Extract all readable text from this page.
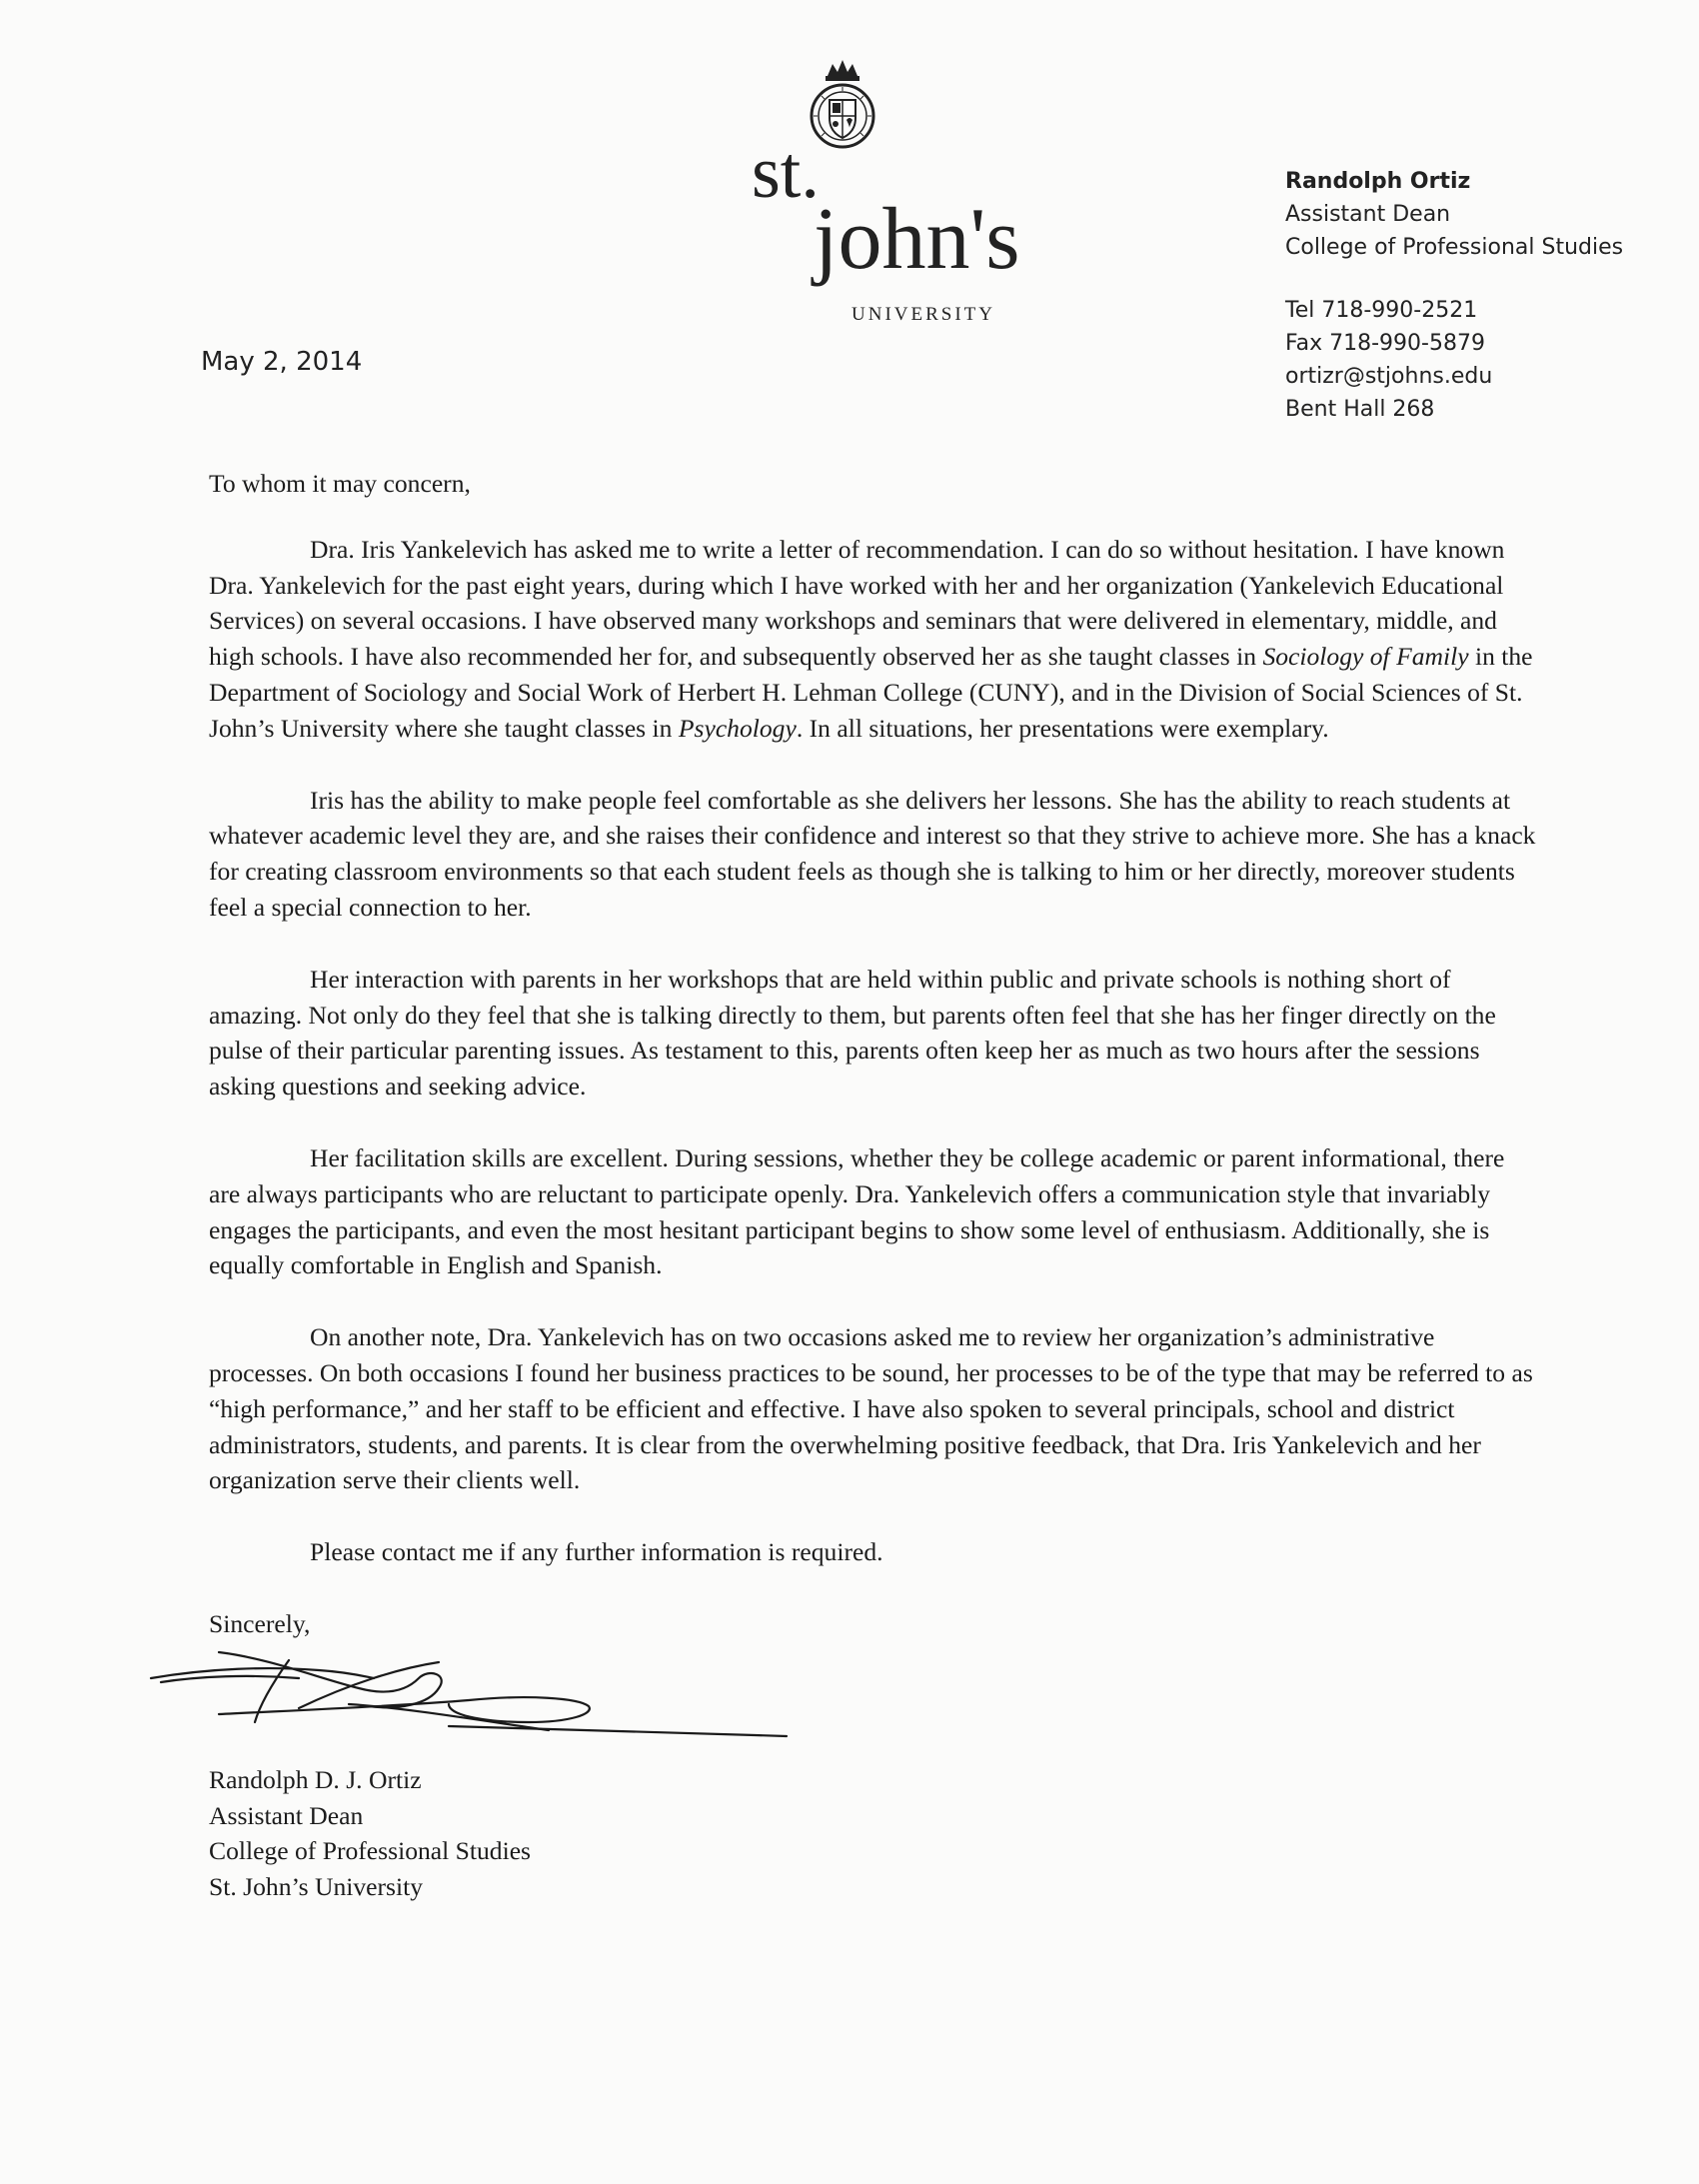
st.
john's
UNIVERSITY
Randolph Ortiz
Assistant Dean
College of Professional Studies
Tel 718-990-2521
Fax 718-990-5879
ortizr@stjohns.edu
Bent Hall 268
May 2, 2014

To whom it may concern,

Dra. Iris Yankelevich has asked me to write a letter of recommendation. I can do so without hesitation. I have known Dra. Yankelevich for the past eight years, during which I have worked with her and her organization (Yankelevich Educational Services) on several occasions. I have observed many workshops and seminars that were delivered in elementary, middle, and high schools. I have also recommended her for, and subsequently observed her as she taught classes in Sociology of Family in the Department of Sociology and Social Work of Herbert H. Lehman College (CUNY), and in the Division of Social Sciences of St. John’s University where she taught classes in Psychology. In all situations, her presentations were exemplary.

Iris has the ability to make people feel comfortable as she delivers her lessons. She has the ability to reach students at whatever academic level they are, and she raises their confidence and interest so that they strive to achieve more. She has a knack for creating classroom environments so that each student feels as though she is talking to him or her directly, moreover students feel a special connection to her.

Her interaction with parents in her workshops that are held within public and private schools is nothing short of amazing. Not only do they feel that she is talking directly to them, but parents often feel that she has her finger directly on the pulse of their particular parenting issues. As testament to this, parents often keep her as much as two hours after the sessions asking questions and seeking advice.

Her facilitation skills are excellent. During sessions, whether they be college academic or parent informational, there are always participants who are reluctant to participate openly. Dra. Yankelevich offers a communication style that invariably engages the participants, and even the most hesitant participant begins to show some level of enthusiasm. Additionally, she is equally comfortable in English and Spanish.

On another note, Dra. Yankelevich has on two occasions asked me to review her organization’s administrative processes. On both occasions I found her business practices to be sound, her processes to be of the type that may be referred to as “high performance,” and her staff to be efficient and effective. I have also spoken to several principals, school and district administrators, students, and parents. It is clear from the overwhelming positive feedback, that Dra. Iris Yankelevich and her organization serve their clients well.

Please contact me if any further information is required.

Sincerely,

Randolph D. J. Ortiz
Assistant Dean
College of Professional Studies
St. John’s University
